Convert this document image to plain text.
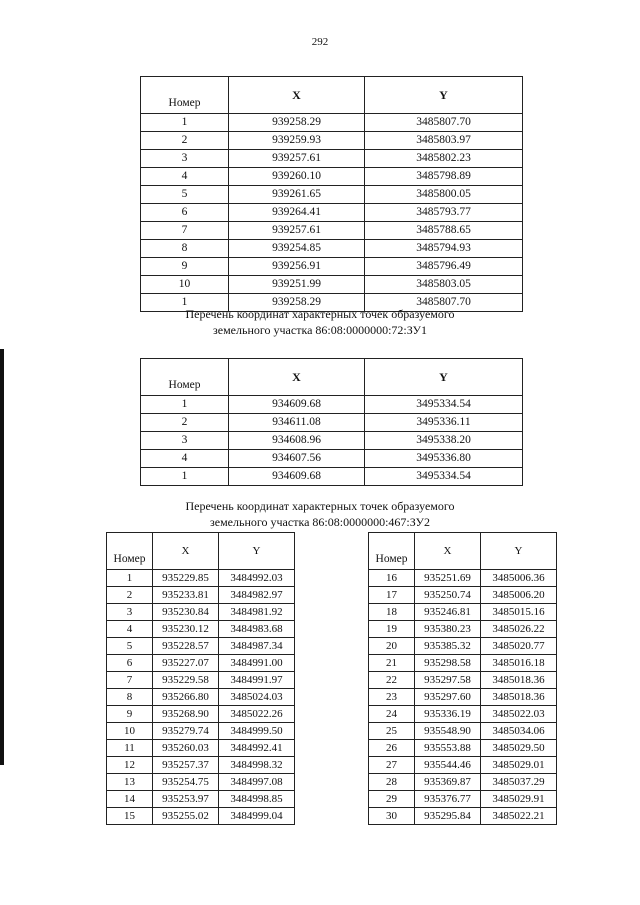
292
Номер	X	Y
1	939258.29	3485807.70
2	939259.93	3485803.97
3	939257.61	3485802.23
4	939260.10	3485798.89
5	939261.65	3485800.05
6	939264.41	3485793.77
7	939257.61	3485788.65
8	939254.85	3485794.93
9	939256.91	3485796.49
10	939251.99	3485803.05
1	939258.29	3485807.70
Перечень координат характерных точек образуемого
земельного участка 86:08:0000000:72:ЗУ1
Номер	X	Y
1	934609.68	3495334.54
2	934611.08	3495336.11
3	934608.96	3495338.20
4	934607.56	3495336.80
1	934609.68	3495334.54
Перечень координат характерных точек образуемого
земельного участка 86:08:0000000:467:ЗУ2
Номер	X	Y
1	935229.85	3484992.03
2	935233.81	3484982.97
3	935230.84	3484981.92
4	935230.12	3484983.68
5	935228.57	3484987.34
6	935227.07	3484991.00
7	935229.58	3484991.97
8	935266.80	3485024.03
9	935268.90	3485022.26
10	935279.74	3484999.50
11	935260.03	3484992.41
12	935257.37	3484998.32
13	935254.75	3484997.08
14	935253.97	3484998.85
15	935255.02	3484999.04
Номер	X	Y
16	935251.69	3485006.36
17	935250.74	3485006.20
18	935246.81	3485015.16
19	935380.23	3485026.22
20	935385.32	3485020.77
21	935298.58	3485016.18
22	935297.58	3485018.36
23	935297.60	3485018.36
24	935336.19	3485022.03
25	935548.90	3485034.06
26	935553.88	3485029.50
27	935544.46	3485029.01
28	935369.87	3485037.29
29	935376.77	3485029.91
30	935295.84	3485022.21
